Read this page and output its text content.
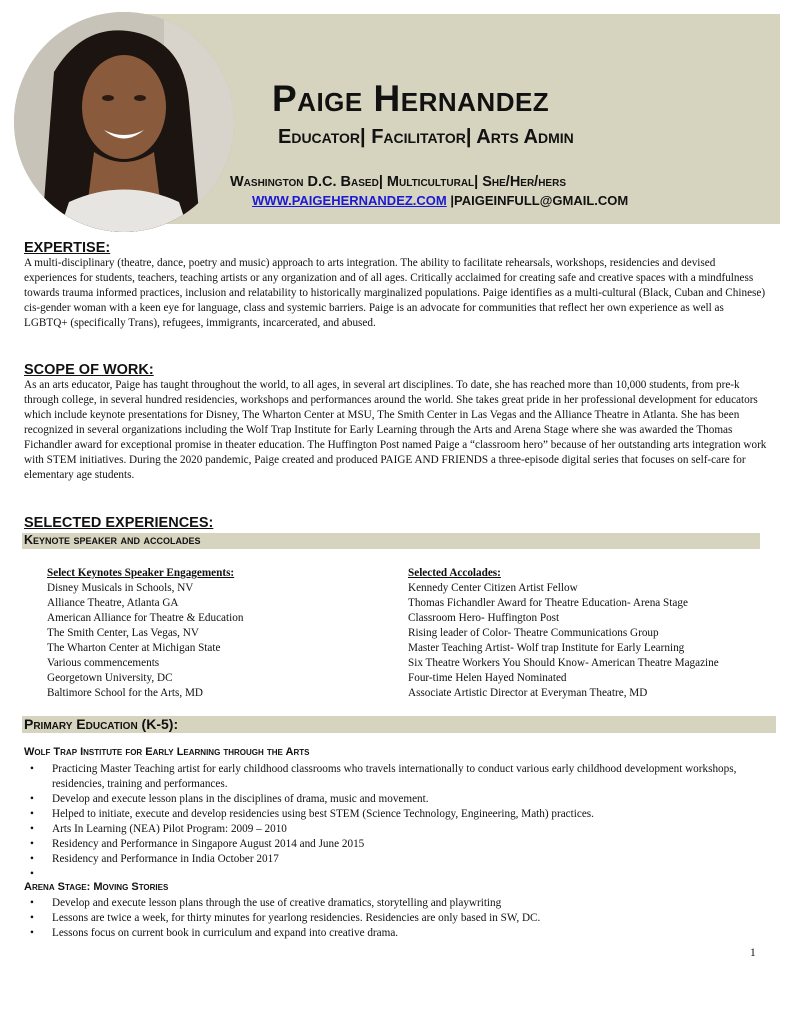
Paige Hernandez
Educator| Facilitator| Arts Admin
Washington D.C. Based| Multicultural| She/Her/hers
WWW.PAIGEHERNANDEZ.COM |PAIGEINFULL@GMAIL.COM
EXPERTISE:
A multi-disciplinary (theatre, dance, poetry and music) approach to arts integration. The ability to facilitate rehearsals, workshops, residencies and devised experiences for students, teachers, teaching artists or any organization and of all ages. Critically acclaimed for creating safe and creative spaces with a mindfulness towards trauma informed practices, inclusion and relatability to historically marginalized populations. Paige identifies as a multi-cultural (Black, Cuban and Chinese) cis-gender woman with a keen eye for language, class and systemic barriers. Paige is an advocate for communities that reflect her own experience as well as LGBTQ+ (specifically Trans), refugees, immigrants, incarcerated, and abused.
SCOPE OF WORK:
As an arts educator, Paige has taught throughout the world, to all ages, in several art disciplines. To date, she has reached more than 10,000 students, from pre-k through college, in several hundred residencies, workshops and performances around the world. She takes great pride in her professional development for educators which include keynote presentations for Disney, The Wharton Center at MSU, The Smith Center in Las Vegas and the Alliance Theatre in Atlanta. She has been recognized in several organizations including the Wolf Trap Institute for Early Learning through the Arts and Arena Stage where she was awarded the Thomas Fichandler award for exceptional promise in theater education. The Huffington Post named Paige a “classroom hero” because of her outstanding arts integration work with STEM initiatives. During the 2020 pandemic, Paige created and produced PAIGE AND FRIENDS a three-episode digital series that focuses on self-care for elementary age students.
SELECTED EXPERIENCES:
Keynote speaker and accolades
Select Keynotes Speaker Engagements:
Disney Musicals in Schools, NV
Alliance Theatre, Atlanta GA
American Alliance for Theatre & Education
The Smith Center, Las Vegas, NV
The Wharton Center at Michigan State
Various commencements
Georgetown University, DC
Baltimore School for the Arts, MD
Selected Accolades:
Kennedy Center Citizen Artist Fellow
Thomas Fichandler Award for Theatre Education- Arena Stage
Classroom Hero- Huffington Post
Rising leader of Color- Theatre Communications Group
Master Teaching Artist- Wolf trap Institute for Early Learning
Six Theatre Workers You Should Know- American Theatre Magazine
Four-time Helen Hayed Nominated
Associate Artistic Director at Everyman Theatre, MD
Primary Education (K-5):
Wolf Trap Institute for Early Learning through the Arts
• Practicing Master Teaching artist for early childhood classrooms who travels internationally to conduct various early childhood development workshops, residencies, training and performances.
• Develop and execute lesson plans in the disciplines of drama, music and movement.
• Helped to initiate, execute and develop residencies using best STEM (Science Technology, Engineering, Math) practices.
• Arts In Learning (NEA) Pilot Program: 2009 – 2010
• Residency and Performance in Singapore August 2014 and June 2015
• Residency and Performance in India October 2017
•
Arena Stage: Moving Stories
• Develop and execute lesson plans through the use of creative dramatics, storytelling and playwriting
• Lessons are twice a week, for thirty minutes for yearlong residencies. Residencies are only based in SW, DC.
• Lessons focus on current book in curriculum and expand into creative drama.
1
